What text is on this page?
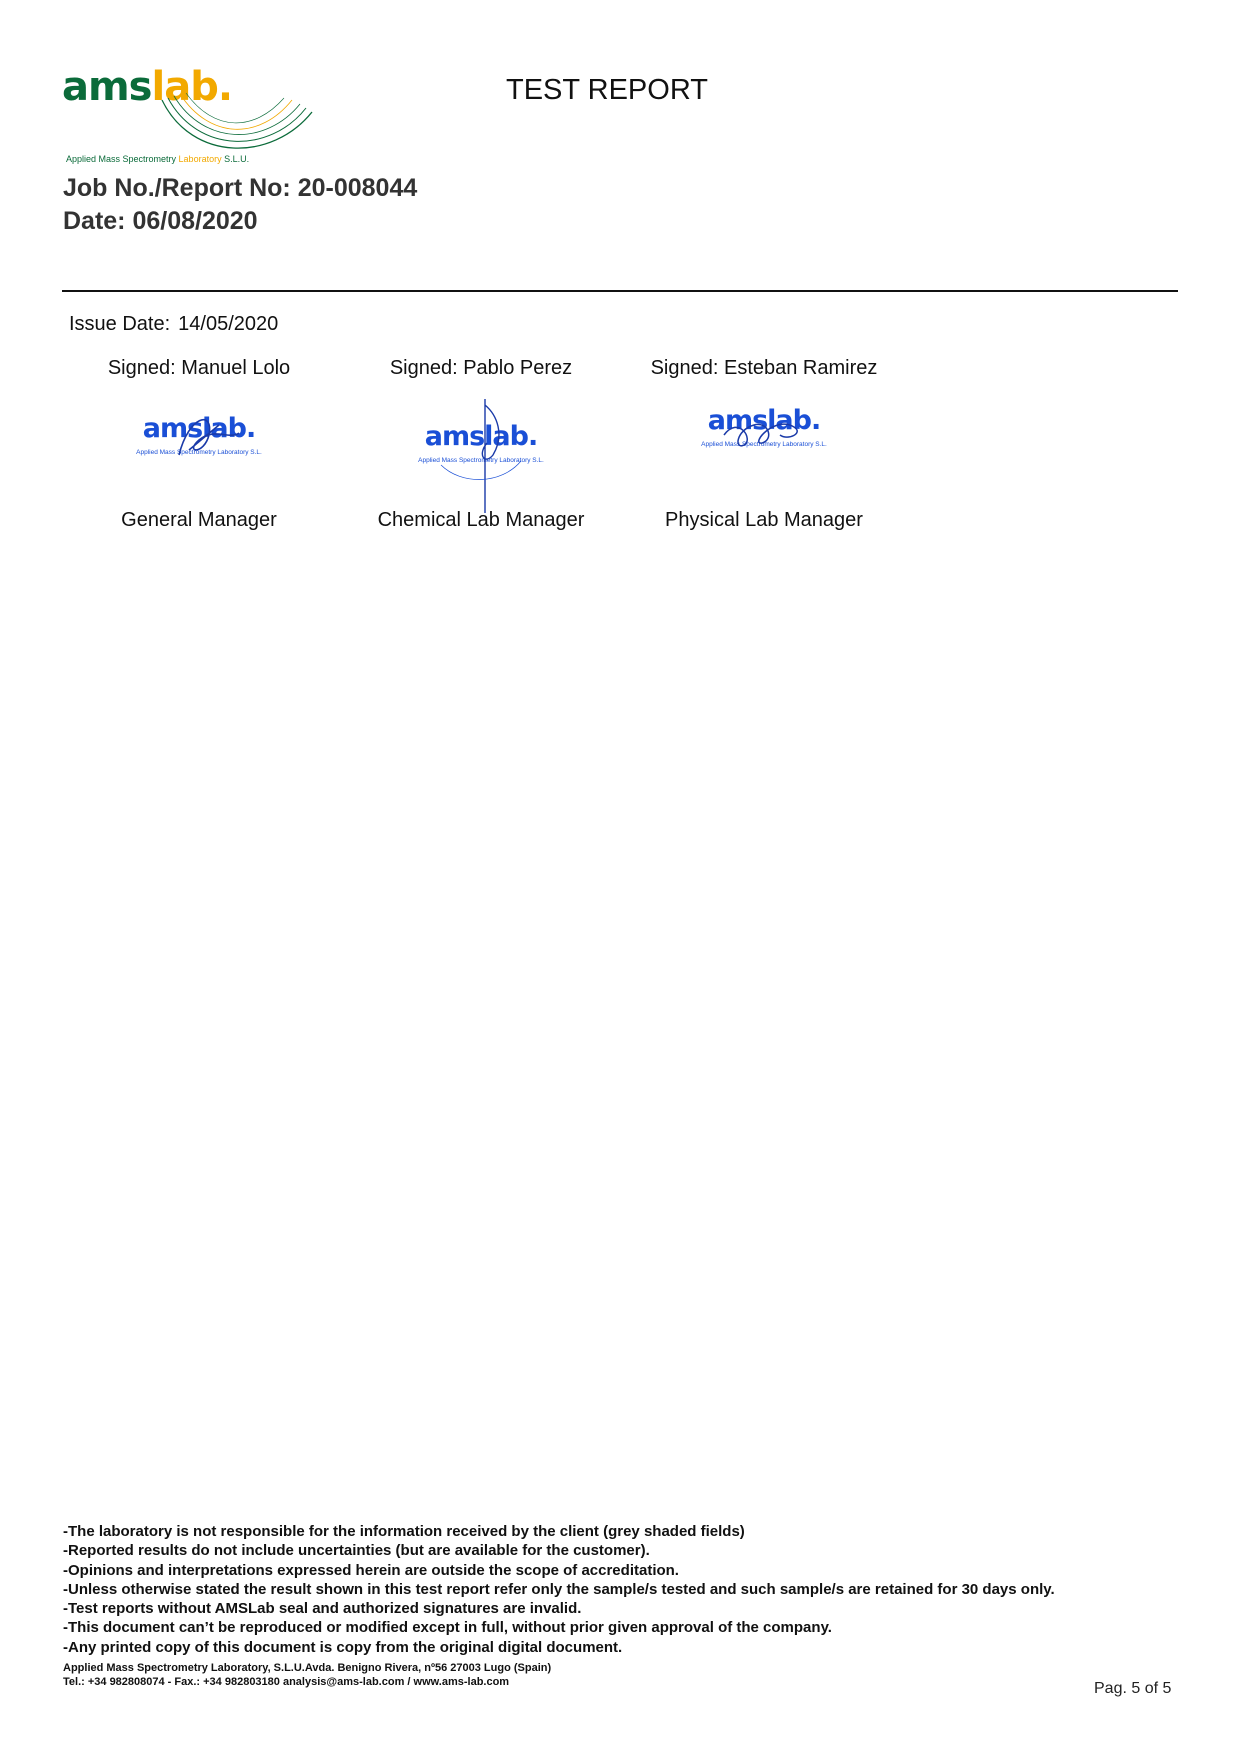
amslab.
Applied Mass Spectrometry Laboratory S.L.U.
TEST REPORT
Job No./Report No: 20-008044
Date: 06/08/2020
Issue Date: 14/05/2020
Signed: Manuel Lolo
amslab.
Applied Mass Spectrometry Laboratory S.L.
General Manager
Signed: Pablo Perez
amslab.
Applied Mass Spectrometry Laboratory S.L.
Chemical Lab Manager
Signed: Esteban Ramirez
amslab.
Applied Mass Spectrometry Laboratory S.L.
Physical Lab Manager
-The laboratory is not responsible for the information received by the client (grey shaded fields)
-Reported results do not include uncertainties (but are available for the customer).
-Opinions and interpretations expressed herein are outside the scope of accreditation.
-Unless otherwise stated the result shown in this test report refer only the sample/s tested and such sample/s are retained for 30 days only.
-Test reports without AMSLab seal and authorized signatures are invalid.
-This document can’t be reproduced or modified except in full, without prior given approval of the company.
-Any printed copy of this document is copy from the original digital document.
Applied Mass Spectrometry Laboratory, S.L.U.Avda. Benigno Rivera, nº56 27003 Lugo (Spain)
Tel.: +34 982808074 - Fax.: +34 982803180 analysis@ams-lab.com / www.ams-lab.com	Pag. 5 of 5
